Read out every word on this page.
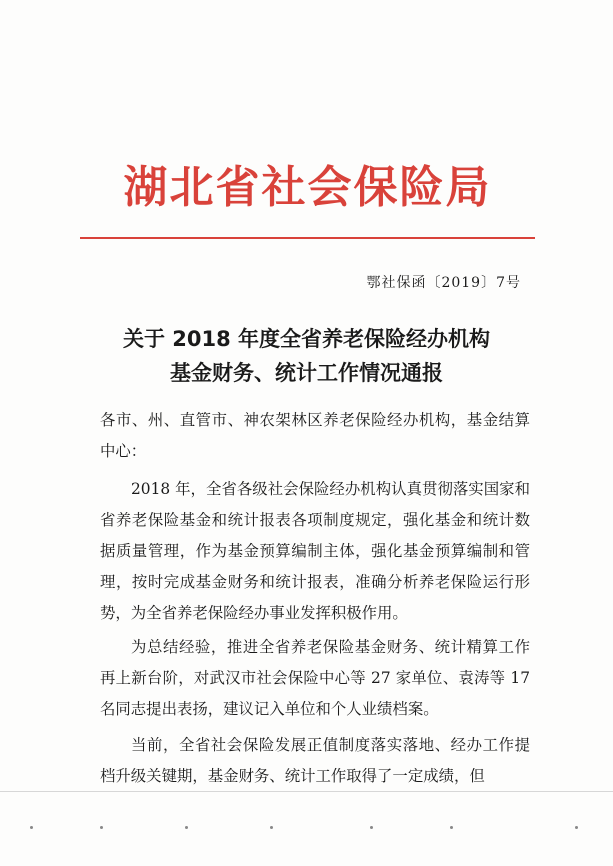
湖北省社会保险局
鄂社保函〔2019〕7号
关于 2018 年度全省养老保险经办机构
基金财务、统计工作情况通报

各市、州、直管市、神农架林区养老保险经办机构，基金结算中心：

2018 年，全省各级社会保险经办机构认真贯彻落实国家和省养老保险基金和统计报表各项制度规定，强化基金和统计数据质量管理，作为基金预算编制主体，强化基金预算编制和管理，按时完成基金财务和统计报表，准确分析养老保险运行形势，为全省养老保险经办事业发挥积极作用。

为总结经验，推进全省养老保险基金财务、统计精算工作再上新台阶，对武汉市社会保险中心等 27 家单位、袁涛等 17 名同志提出表扬，建议记入单位和个人业绩档案。

当前，全省社会保险发展正值制度落实落地、经办工作提档升级关键期，基金财务、统计工作取得了一定成绩，但
